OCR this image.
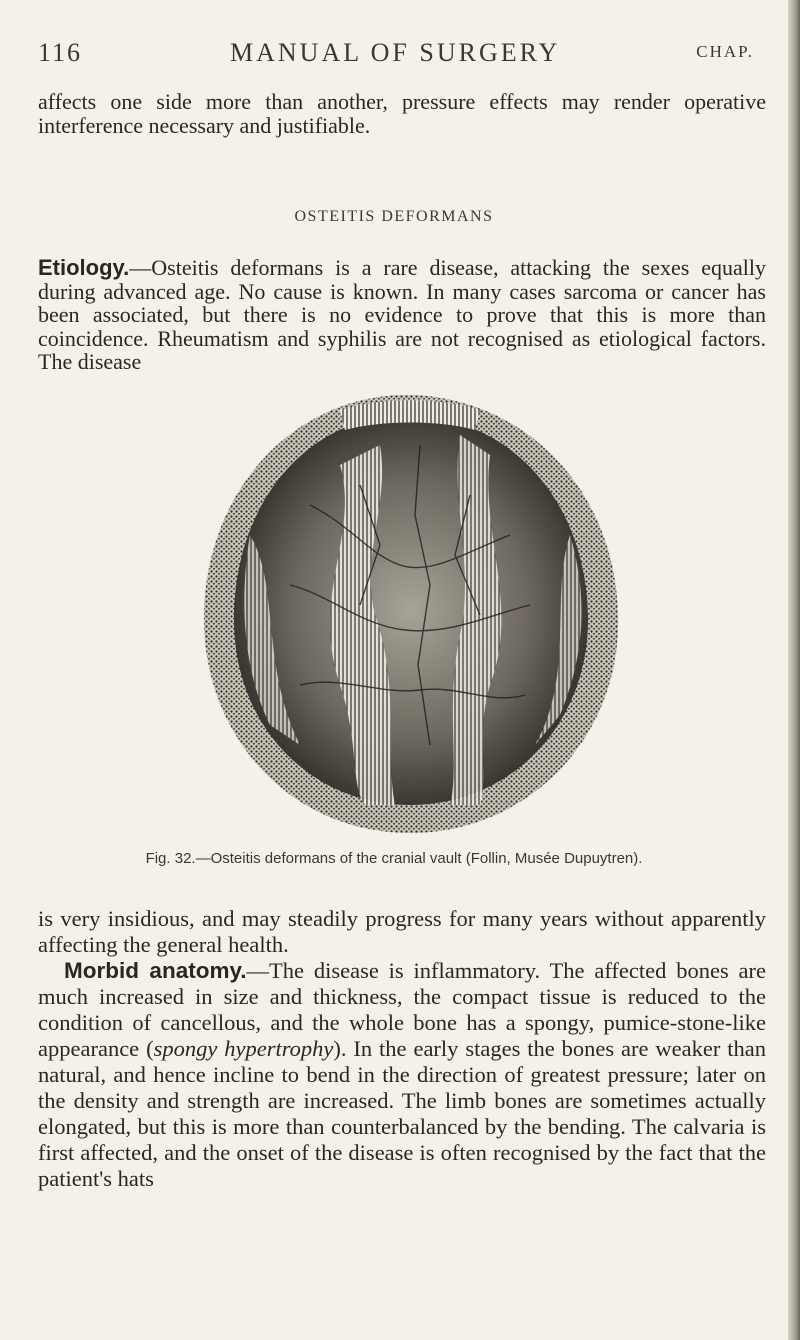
116	MANUAL OF SURGERY	CHAP.
affects one side more than another, pressure effects may render operative interference necessary and justifiable.
OSTEITIS DEFORMANS
Etiology.—Osteitis deformans is a rare disease, attacking the sexes equally during advanced age. No cause is known. In many cases sarcoma or cancer has been associated, but there is no evidence to prove that this is more than coincidence. Rheumatism and syphilis are not recognised as etiological factors. The disease
Fig. 32.—Osteitis deformans of the cranial vault (Follin, Musée Dupuytren).
is very insidious, and may steadily progress for many years without apparently affecting the general health.
Morbid anatomy.—The disease is inflammatory. The affected bones are much increased in size and thickness, the compact tissue is reduced to the condition of cancellous, and the whole bone has a spongy, pumice-stone-like appearance (spongy hypertrophy). In the early stages the bones are weaker than natural, and hence incline to bend in the direction of greatest pressure; later on the density and strength are increased. The limb bones are sometimes actually elongated, but this is more than counterbalanced by the bending. The calvaria is first affected, and the onset of the disease is often recognised by the fact that the patient's hats
